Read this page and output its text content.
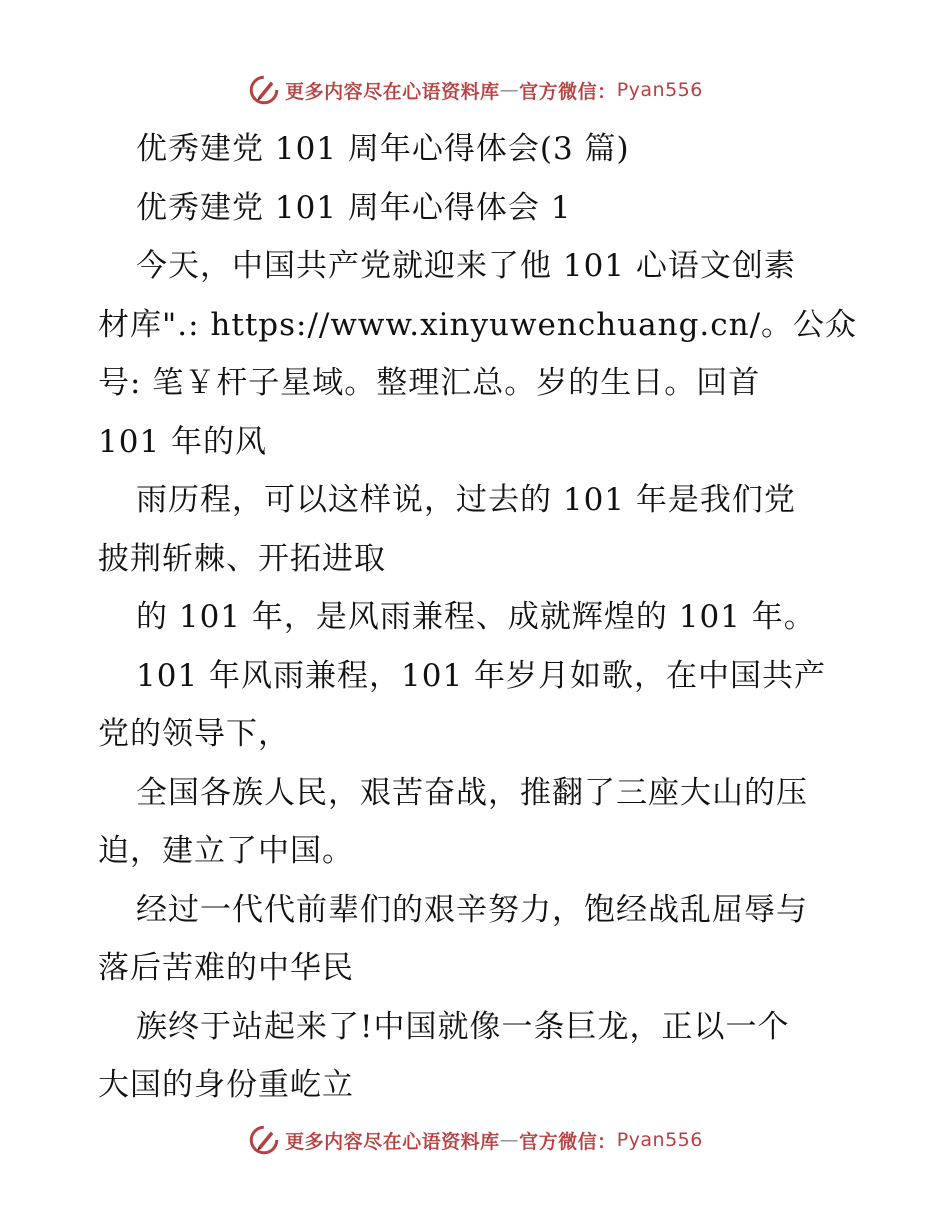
更多内容尽在心语资料库 — 官方微信： Pyan556
优秀建党 101 周年心得体会(3 篇)
优秀建党 101 周年心得体会 1
今天，中国共产党就迎来了他 101 心语文创素
材库".: https://www.xinyuwenchuang.cn/。公众
号: 笔￥杆子星域。整理汇总。岁的生日。回首
101 年的风
雨历程，可以这样说，过去的 101 年是我们党
披荆斩棘、开拓进取
的 101 年，是风雨兼程、成就辉煌的 101 年。
101 年风雨兼程，101 年岁月如歌，在中国共产
党的领导下，
全国各族人民，艰苦奋战，推翻了三座大山的压
迫，建立了中国。
经过一代代前辈们的艰辛努力，饱经战乱屈辱与
落后苦难的中华民
族终于站起来了!中国就像一条巨龙，正以一个
大国的身份重屹立
更多内容尽在心语资料库 — 官方微信： Pyan556
